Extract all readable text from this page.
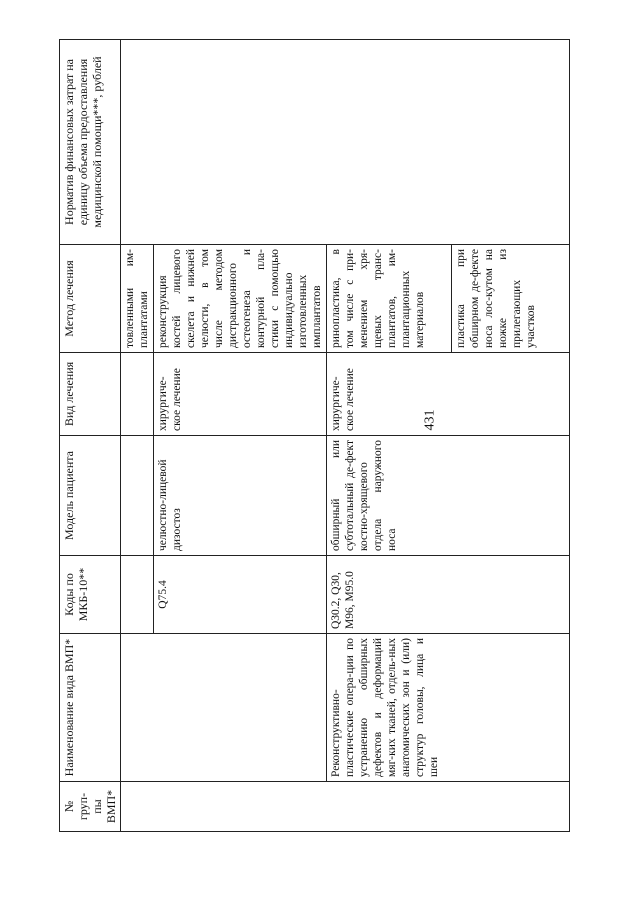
431
№ груп-пы ВМП*	Наименование вида ВМП*	Коды по МКБ-10**	Модель пациента	Вид лечения	Метод лечения	Норматив финансовых затрат на единицу объема предоставления медицинской помощи***, рублей
					товленными им-плантатами	
		Q75.4	челюстно-лицевой дизостоз	хирургиче-ское лечение	реконструкция костей лицевого скелета и нижней челюсти, в том числе методом дистракционного остеогенеза и контурной пла-стики с помощью индивидуально изготовленных имплантатов	
	Реконструктивно-пластические опера-ции по устранению обширных дефектов и деформаций мяг-ких тканей, отдель-ных анатомических зон и (или) структур головы, лица и шеи	Q30.2, Q30, M96, M95.0	обширный или субтотальный де-фект костно-хрящевого отдела наружного носа	хирургиче-ское лечение	ринопластика, в том числе с при-менением хря-щевых транс-плантатов, им-плантационных материалов	
					пластика при обширном де-фекте носа лос-кутом на ножке из прилегающих участков	
